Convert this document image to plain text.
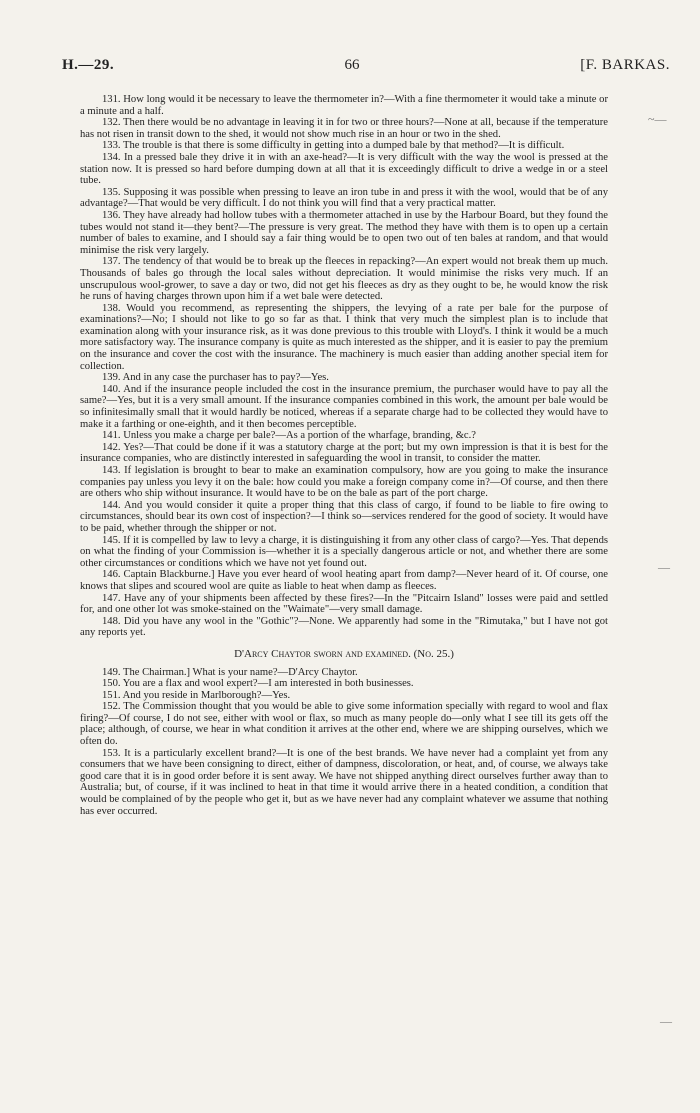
H.—29.	66	[F. BARKAS.
~—
—
—

131. How long would it be necessary to leave the thermometer in?—With a fine thermometer it would take a minute or a minute and a half.

132. Then there would be no advantage in leaving it in for two or three hours?—None at all, because if the temperature has not risen in transit down to the shed, it would not show much rise in an hour or two in the shed.

133. The trouble is that there is some difficulty in getting into a dumped bale by that method?—It is difficult.

134. In a pressed bale they drive it in with an axe-head?—It is very difficult with the way the wool is pressed at the station now. It is pressed so hard before dumping down at all that it is exceedingly difficult to drive a wedge in or a steel tube.

135. Supposing it was possible when pressing to leave an iron tube in and press it with the wool, would that be of any advantage?—That would be very difficult. I do not think you will find that a very practical matter.

136. They have already had hollow tubes with a thermometer attached in use by the Harbour Board, but they found the tubes would not stand it—they bent?—The pressure is very great. The method they have with them is to open up a certain number of bales to examine, and I should say a fair thing would be to open two out of ten bales at random, and that would minimise the risk very largely.

137. The tendency of that would be to break up the fleeces in repacking?—An expert would not break them up much. Thousands of bales go through the local sales without depreciation. It would minimise the risks very much. If an unscrupulous wool-grower, to save a day or two, did not get his fleeces as dry as they ought to be, he would know the risk he runs of having charges thrown upon him if a wet bale were detected.

138. Would you recommend, as representing the shippers, the levying of a rate per bale for the purpose of examinations?—No; I should not like to go so far as that. I think that very much the simplest plan is to include that examination along with your insurance risk, as it was done previous to this trouble with Lloyd's. I think it would be a much more satisfactory way. The insurance company is quite as much interested as the shipper, and it is easier to pay the premium on the insurance and cover the cost with the insurance. The machinery is much easier than adding another special item for collection.

139. And in any case the purchaser has to pay?—Yes.

140. And if the insurance people included the cost in the insurance premium, the purchaser would have to pay all the same?—Yes, but it is a very small amount. If the insurance companies combined in this work, the amount per bale would be so infinitesimally small that it would hardly be noticed, whereas if a separate charge had to be collected they would have to make it a farthing or one-eighth, and it then becomes perceptible.

141. Unless you make a charge per bale?—As a portion of the wharfage, branding, &c.?

142. Yes?—That could be done if it was a statutory charge at the port; but my own impression is that it is best for the insurance companies, who are distinctly interested in safeguarding the wool in transit, to consider the matter.

143. If legislation is brought to bear to make an examination compulsory, how are you going to make the insurance companies pay unless you levy it on the bale: how could you make a foreign company come in?—Of course, and then there are others who ship without insurance. It would have to be on the bale as part of the port charge.

144. And you would consider it quite a proper thing that this class of cargo, if found to be liable to fire owing to circumstances, should bear its own cost of inspection?—I think so—services rendered for the good of society. It would have to be paid, whether through the shipper or not.

145. If it is compelled by law to levy a charge, it is distinguishing it from any other class of cargo?—Yes. That depends on what the finding of your Commission is—whether it is a specially dangerous article or not, and whether there are some other circumstances or conditions which we have not yet found out.

146. Captain Blackburne.] Have you ever heard of wool heating apart from damp?—Never heard of it. Of course, one knows that slipes and scoured wool are quite as liable to heat when damp as fleeces.

147. Have any of your shipments been affected by these fires?—In the "Pitcairn Island" losses were paid and settled for, and one other lot was smoke-stained on the "Waimate"—very small damage.

148. Did you have any wool in the "Gothic"?—None. We apparently had some in the "Rimutaka," but I have not got any reports yet.

D'Arcy Chaytor sworn and examined. (No. 25.)

149. The Chairman.] What is your name?—D'Arcy Chaytor.

150. You are a flax and wool expert?—I am interested in both businesses.

151. And you reside in Marlborough?—Yes.

152. The Commission thought that you would be able to give some information specially with regard to wool and flax firing?—Of course, I do not see, either with wool or flax, so much as many people do—only what I see till its gets off the place; although, of course, we hear in what condition it arrives at the other end, where we are shipping ourselves, which we often do.

153. It is a particularly excellent brand?—It is one of the best brands. We have never had a complaint yet from any consumers that we have been consigning to direct, either of dampness, discoloration, or heat, and, of course, we always take good care that it is in good order before it is sent away. We have not shipped anything direct ourselves further away than to Australia; but, of course, if it was inclined to heat in that time it would arrive there in a heated condition, a condition that would be complained of by the people who get it, but as we have never had any complaint whatever we assume that nothing has ever occurred.
